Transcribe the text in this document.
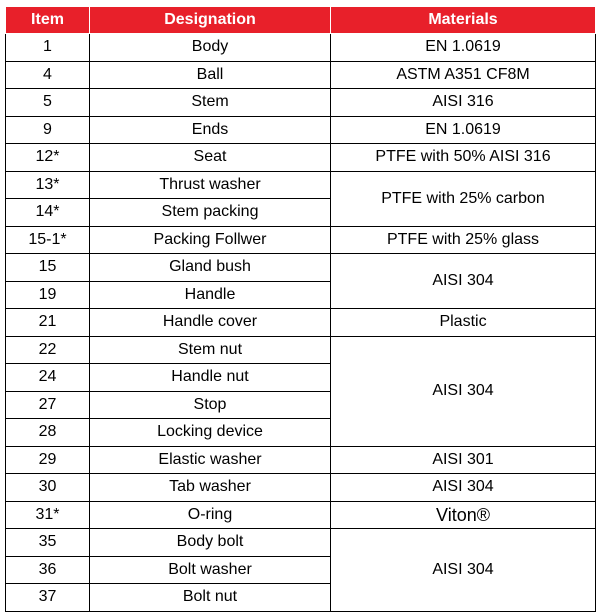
Item	Designation	Materials
1	Body	EN 1.0619
4	Ball	ASTM A351 CF8M
5	Stem	AISI 316
9	Ends	EN 1.0619
12*	Seat	PTFE with 50% AISI 316
13*	Thrust washer	PTFE with 25% carbon
14*	Stem packing	
15-1*	Packing Follwer	PTFE with 25% glass
15	Gland bush	AISI 304
19	Handle	
21	Handle cover	Plastic
22	Stem nut	AISI 304
24	Handle nut	
27	Stop	
28	Locking device	
29	Elastic washer	AISI 301
30	Tab washer	AISI 304
31*	O-ring	Viton®
35	Body bolt	AISI 304
36	Bolt washer	
37	Bolt nut	
